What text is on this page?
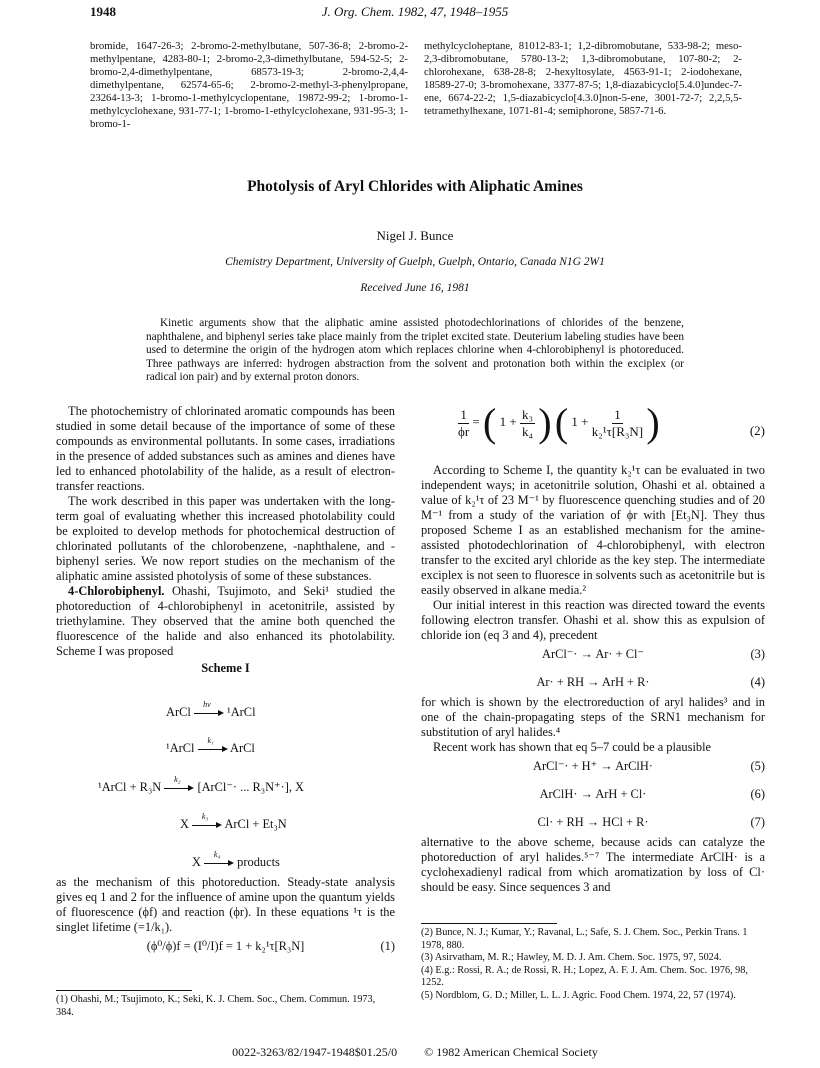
1948	J. Org. Chem. 1982, 47, 1948–1955
bromide, 1647-26-3; 2-bromo-2-methylbutane, 507-36-8; 2-bromo-2-methylpentane, 4283-80-1; 2-bromo-2,3-dimethylbutane, 594-52-5; 2-bromo-2,4-dimethylpentane, 68573-19-3; 2-bromo-2,4,4-dimethylpentane, 62574-65-6; 2-bromo-2-methyl-3-phenylpropane, 23264-13-3; 1-bromo-1-methylcyclopentane, 19872-99-2; 1-bromo-1-methylcyclohexane, 931-77-1; 1-bromo-1-ethylcyclohexane, 931-95-3; 1-bromo-1-
methylcycloheptane, 81012-83-1; 1,2-dibromobutane, 533-98-2; meso-2,3-dibromobutane, 5780-13-2; 1,3-dibromobutane, 107-80-2; 2-chlorohexane, 638-28-8; 2-hexyltosylate, 4563-91-1; 2-iodohexane, 18589-27-0; 3-bromohexane, 3377-87-5; 1,8-diazabicyclo[5.4.0]undec-7-ene, 6674-22-2; 1,5-diazabicyclo[4.3.0]non-5-ene, 3001-72-7; 2,2,5,5-tetramethylhexane, 1071-81-4; semiphorone, 5857-71-6.
Photolysis of Aryl Chlorides with Aliphatic Amines
Nigel J. Bunce
Chemistry Department, University of Guelph, Guelph, Ontario, Canada N1G 2W1
Received June 16, 1981
Kinetic arguments show that the aliphatic amine assisted photodechlorinations of chlorides of the benzene, naphthalene, and biphenyl series take place mainly from the triplet excited state. Deuterium labeling studies have been used to determine the origin of the hydrogen atom which replaces chlorine when 4-chlorobiphenyl is photoreduced. Three pathways are inferred: hydrogen abstraction from the solvent and protonation both within the exciplex (or radical ion pair) and by external proton donors.

The photochemistry of chlorinated aromatic compounds has been studied in some detail because of the importance of some of these compounds as environmental pollutants. In some cases, irradiations in the presence of added substances such as amines and dienes have led to enhanced photolability of the halide, as a result of electron-transfer reactions.

The work described in this paper was undertaken with the long-term goal of evaluating whether this increased photolability could be exploited to develop methods for photochemical destruction of chlorinated pollutants of the chlorobenzene, -naphthalene, and -biphenyl series. We now report studies on the mechanism of the aliphatic amine assisted photolysis of some of these substances.

4-Chlorobiphenyl. Ohashi, Tsujimoto, and Seki¹ studied the photoreduction of 4-chlorobiphenyl in acetonitrile, assisted by triethylamine. They observed that the amine both quenched the fluorescence of the halide and also enhanced its photolability. Scheme I was proposed

Scheme I

ArCl
hν
¹ArCl
¹ArCl
k₁
ArCl
¹ArCl + R₃N
k₂
[ArCl⁻· ... R₃N⁺·], X
X
k₃
ArCl + Et₃N
X
k₄
products

as the mechanism of this photoreduction. Steady-state analysis gives eq 1 and 2 for the influence of amine upon the quantum yields of fluorescence (ϕf) and reaction (ϕr). In these equations ¹τ is the singlet lifetime (=1/k₁).

(ϕ⁰/ϕ)f = (I⁰/I)f = 1 + k₂¹τ[R₃N]	(1)
(1) Ohashi, M.; Tsujimoto, K.; Seki, K. J. Chem. Soc., Chem. Commun. 1973, 384.
$\frac{1}{\phi r}$ = ( $1 + \frac{\text{k₃}}{\text{k₄}}$ ) ( $1 + \frac{1}{\text{k₂¹τ[R₃N]}}$ )	(2)

According to Scheme I, the quantity k₂¹τ can be evaluated in two independent ways; in acetonitrile solution, Ohashi et al. obtained a value of k₂¹τ of 23 M⁻¹ by fluorescence quenching studies and of 20 M⁻¹ from a study of the variation of ϕr with [Et₃N]. They thus proposed Scheme I as an established mechanism for the amine-assisted photodechlorination of 4-chlorobiphenyl, with electron transfer to the excited aryl chloride as the key step. The intermediate exciplex is not seen to fluoresce in solvents such as acetonitrile but is easily observed in alkane media.²

Our initial interest in this reaction was directed toward the events following electron transfer. Ohashi et al. show this as expulsion of chloride ion (eq 3 and 4), precedent

ArCl⁻· → Ar· + Cl⁻	(3)
Ar· + RH → ArH + R·	(4)

for which is shown by the electroreduction of aryl halides³ and in one of the chain-propagating steps of the SRN1 mechanism for substitution of aryl halides.⁴

Recent work has shown that eq 5–7 could be a plausible

ArCl⁻· + H⁺ → ArClH·	(5)
ArClH· → ArH + Cl·	(6)
Cl· + RH → HCl + R·	(7)

alternative to the above scheme, because acids can catalyze the photoreduction of aryl halides.⁵⁻⁷ The intermediate ArClH· is a cyclohexadienyl radical from which aromatization by loss of Cl· should be easy. Since sequences 3 and

(2) Bunce, N. J.; Kumar, Y.; Ravanal, L.; Safe, S. J. Chem. Soc., Perkin Trans. 1 1978, 880.
(3) Asirvatham, M. R.; Hawley, M. D. J. Am. Chem. Soc. 1975, 97, 5024.
(4) E.g.: Rossi, R. A.; de Rossi, R. H.; Lopez, A. F. J. Am. Chem. Soc. 1976, 98, 1252.
(5) Nordblom, G. D.; Miller, L. L. J. Agric. Food Chem. 1974, 22, 57 (1974).
0022-3263/82/1947-1948$01.25/0 © 1982 American Chemical Society
